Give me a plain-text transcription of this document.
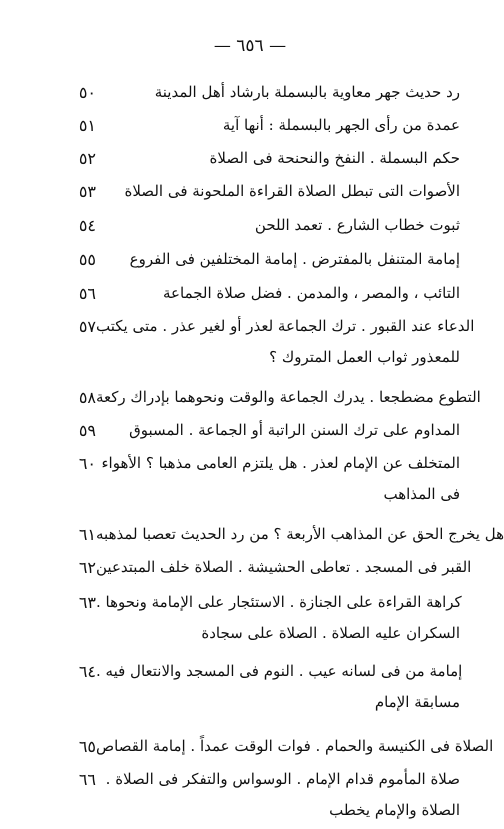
— ٦٥٦ —
٥٠	رد حديث جهر معاوية بالبسملة بارشاد أهل المدينة
٥١	عمدة من رأى الجهر بالبسملة : أنها آية
٥٢	حكم البسملة . النفخ والنحنحة فى الصلاة
٥٣	الأصوات التى تبطل الصلاة القراءة الملحونة فى الصلاة
٥٤	ثبوت خطاب الشارع . تعمد اللحن
٥٥	إمامة المتنفل بالمفترض . إمامة المختلفين فى الفروع
٥٦	التائب ، والمصر ، والمدمن . فضل صلاة الجماعة
٥٧ الدعاء عند القبور . ترك الجماعة لعذر أو لغير عذر . متى يكتب
للمعذور ثواب العمل المتروك ؟
٥٨ التطوع مضطجعا . يدرك الجماعة والوقت ونحوهما بإدراك ركعة
٥٩	المداوم على ترك السنن الراتبة أو الجماعة . المسبوق
٦٠ المتخلف عن الإمام لعذر . هل يلتزم العامى مذهبا ؟ الأهواء
فى المذاهب
٦١ هل يخرج الحق عن المذاهب الأربعة ؟ من رد الحديث تعصبا لمذهبه
٦٢ القبر فى المسجد . تعاطى الحشيشة . الصلاة خلف المبتدعين
٦٣ كراهة القراءة على الجنازة . الاستئجار على الإمامة ونحوها .
السكران عليه الصلاة . الصلاة على سجادة
٦٤ إمامة من فى لسانه عيب . النوم فى المسجد والانتعال فيه .
مسابقة الإمام
٦٥ الصلاة فى الكنيسة والحمام . فوات الوقت عمداً . إمامة القصاص
٦٦ صلاة المأموم قدام الإمام . الوسواس والتفكر فى الصلاة .
الصلاة والإمام يخطب
